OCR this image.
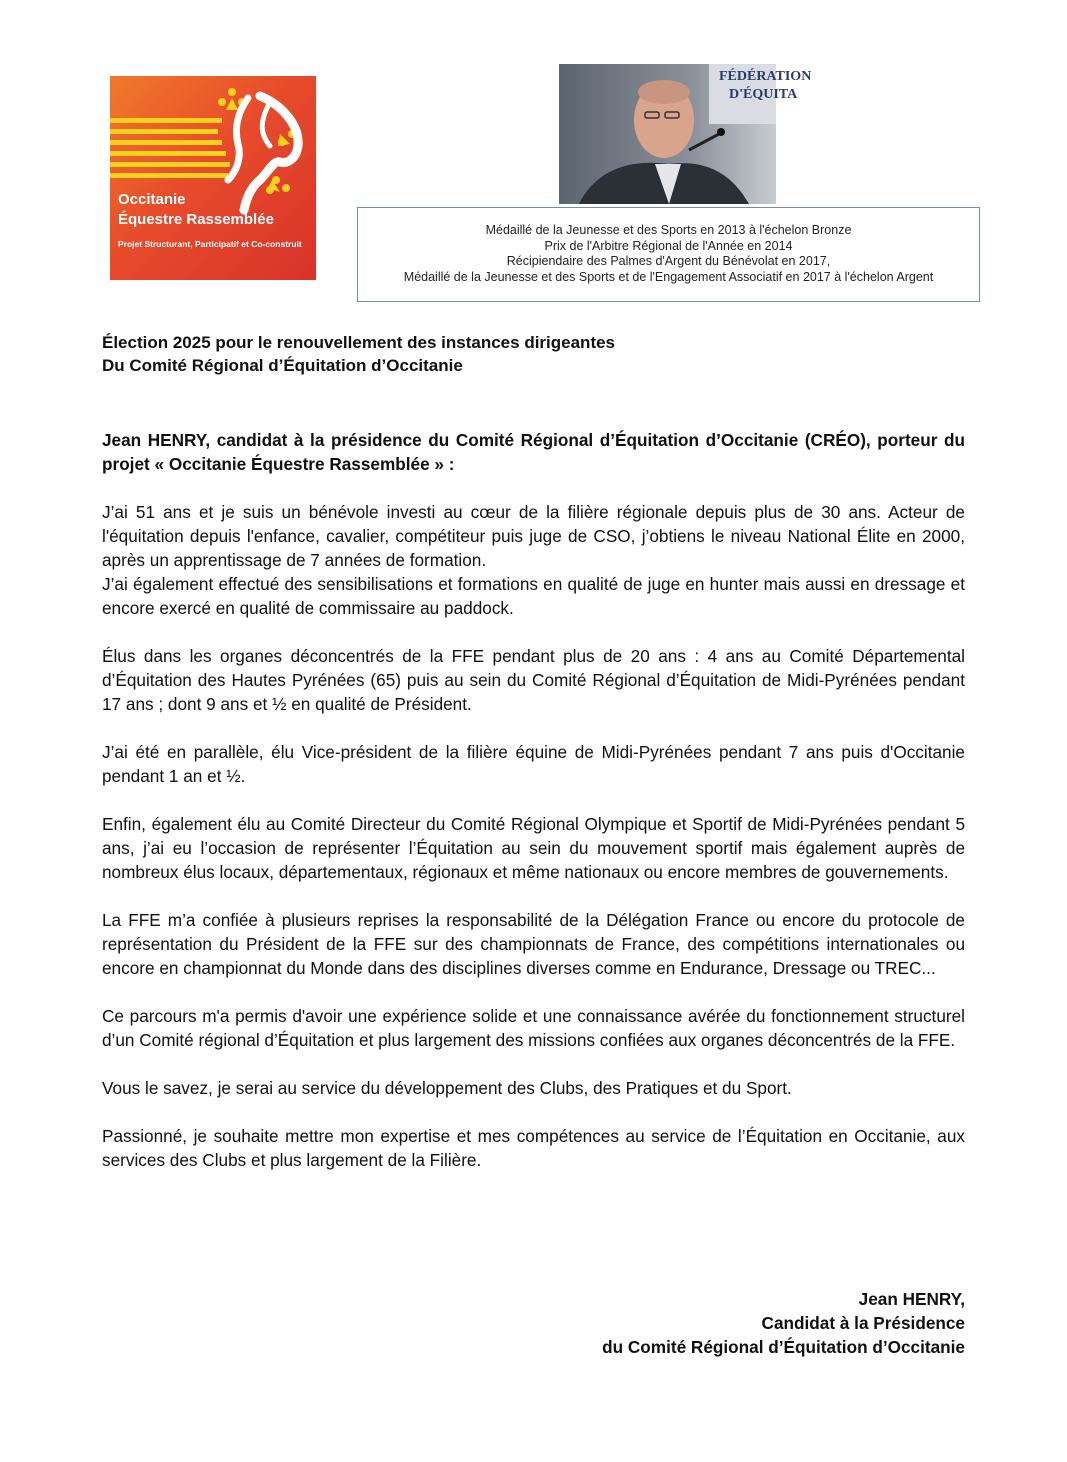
Occitanie
Équestre Rassemblée
Projet Structurant, Participatif et Co-construit
FÉDÉRATION
D'ÉQUITA
Médaillé de la Jeunesse et des Sports en 2013 à l'échelon Bronze
Prix de l'Arbitre Régional de l'Année en 2014
Récipiendaire des Palmes d'Argent du Bénévolat en 2017,
Médaillé de la Jeunesse et des Sports et de l'Engagement Associatif en 2017 à l'échelon Argent
Élection 2025 pour le renouvellement des instances dirigeantes
Du Comité Régional d’Équitation d’Occitanie

Jean HENRY, candidat à la présidence du Comité Régional d’Équitation d’Occitanie (CRÉO), porteur du projet « Occitanie Équestre Rassemblée » :

J’ai 51 ans et je suis un bénévole investi au cœur de la filière régionale depuis plus de 30 ans. Acteur de l'équitation depuis l'enfance, cavalier, compétiteur puis juge de CSO, j’obtiens le niveau National Élite en 2000, après un apprentissage de 7 années de formation.

J’ai également effectué des sensibilisations et formations en qualité de juge en hunter mais aussi en dressage et encore exercé en qualité de commissaire au paddock.

Élus dans les organes déconcentrés de la FFE pendant plus de 20 ans : 4 ans au Comité Départemental d’Équitation des Hautes Pyrénées (65) puis au sein du Comité Régional d’Équitation de Midi-Pyrénées pendant 17 ans ; dont 9 ans et ½ en qualité de Président.

J’ai été en parallèle, élu Vice-président de la filière équine de Midi-Pyrénées pendant 7 ans puis d'Occitanie pendant 1 an et ½.

Enfin, également élu au Comité Directeur du Comité Régional Olympique et Sportif de Midi-Pyrénées pendant 5 ans, j’ai eu l’occasion de représenter l’Équitation au sein du mouvement sportif mais également auprès de nombreux élus locaux, départementaux, régionaux et même nationaux ou encore membres de gouvernements.

La FFE m’a confiée à plusieurs reprises la responsabilité de la Délégation France ou encore du protocole de représentation du Président de la FFE sur des championnats de France, des compétitions internationales ou encore en championnat du Monde dans des disciplines diverses comme en Endurance, Dressage ou TREC...

Ce parcours m'a permis d'avoir une expérience solide et une connaissance avérée du fonctionnement structurel d’un Comité régional d’Équitation et plus largement des missions confiées aux organes déconcentrés de la FFE.

Vous le savez, je serai au service du développement des Clubs, des Pratiques et du Sport.

Passionné, je souhaite mettre mon expertise et mes compétences au service de l’Équitation en Occitanie, aux services des Clubs et plus largement de la Filière.

Jean HENRY,
Candidat à la Présidence
du Comité Régional d’Équitation d’Occitanie
